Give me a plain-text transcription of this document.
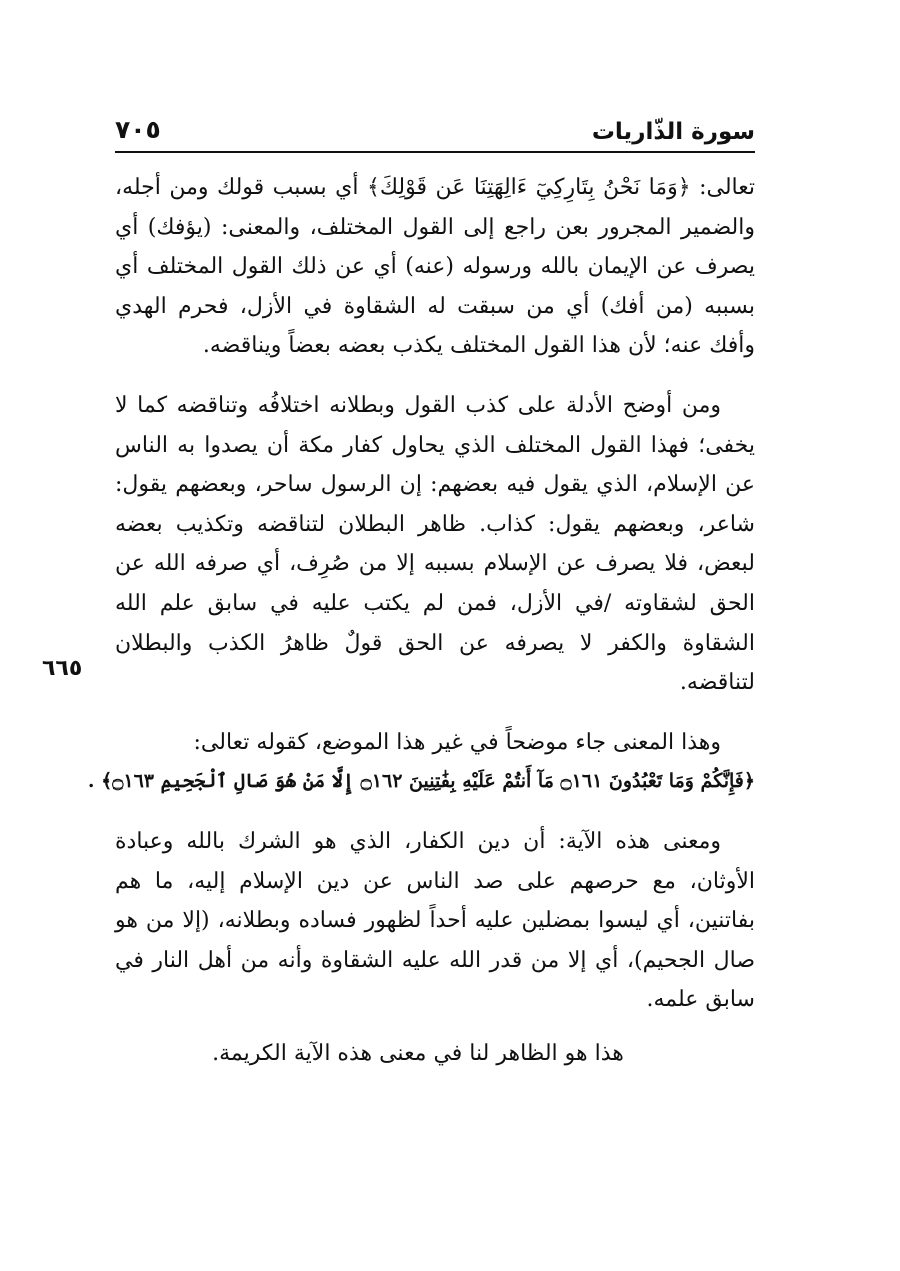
سورة الذّاريات
٧٠٥
٦٦٥

تعالى: ﴿وَمَا نَحْنُ بِتَارِكِيٓ ءَالِهَتِنَا عَن قَوْلِكَ﴾ أي بسبب قولك ومن أجله، والضمير المجرور بعن راجع إلى القول المختلف، والمعنى: (يؤفك) أي يصرف عن الإيمان بالله ورسوله (عنه) أي عن ذلك القول المختلف أي بسببه (من أفك) أي من سبقت له الشقاوة في الأزل، فحرم الهدي وأفك عنه؛ لأن هذا القول المختلف يكذب بعضه بعضاً ويناقضه.

ومن أوضح الأدلة على كذب القول وبطلانه اختلافُه وتناقضه كما لا يخفى؛ فهذا القول المختلف الذي يحاول كفار مكة أن يصدوا به الناس عن الإسلام، الذي يقول فيه بعضهم: إن الرسول ساحر، وبعضهم يقول: شاعر، وبعضهم يقول: كذاب. ظاهر البطلان لتناقضه وتكذيب بعضه لبعض، فلا يصرف عن الإسلام بسببه إلا من صُرِف، أي صرفه الله عن الحق لشقاوته /في الأزل، فمن لم يكتب عليه في سابق علم الله الشقاوة والكفر لا يصرفه عن الحق قولٌ ظاهرُ الكذب والبطلان لتناقضه.

وهذا المعنى جاء موضحاً في غير هذا الموضع، كقوله تعالى:

﴿فَإِنَّكُمْ وَمَا تَعْبُدُونَ ۝١٦١ مَآ أَنتُمْ عَلَيْهِ بِفَٰتِنِينَ ۝١٦٢ إِلَّا مَنْ هُوَ صَالِ ٱلْجَحِيمِ ۝١٦٣﴾ .

ومعنى هذه الآية: أن دين الكفار، الذي هو الشرك بالله وعبادة الأوثان، مع حرصهم على صد الناس عن دين الإسلام إليه، ما هم بفاتنين، أي ليسوا بمضلين عليه أحداً لظهور فساده وبطلانه، (إلا من هو صال الجحيم)، أي إلا من قدر الله عليه الشقاوة وأنه من أهل النار في سابق علمه.

هذا هو الظاهر لنا في معنى هذه الآية الكريمة.
